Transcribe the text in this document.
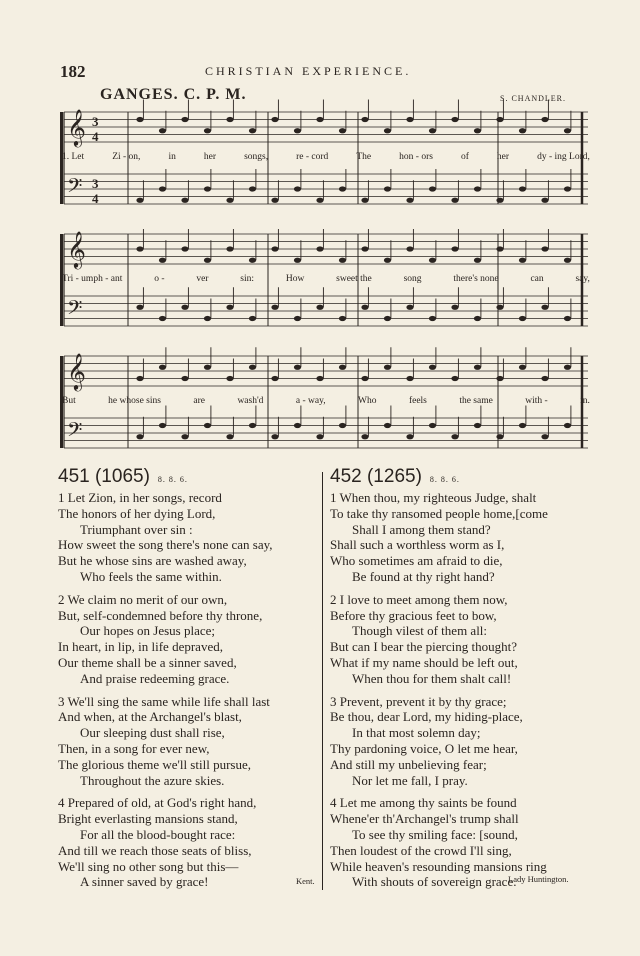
182	CHRISTIAN EXPERIENCE.
GANGES. C. P. M.	S. CHANDLER.
𝄞 3
4
𝄢 3
4
𝄞
𝄢
𝄞
𝄢
1. Let	Zi - on,	in	her	songs,	re - cord	The	hon - ors	of	her	dy - ing Lord,
Tri - umph - ant	o -	ver	sin:	How	sweet the	song	there's none	can	say,
But	he whose sins	are	wash'd	a - way,	Who	feels	the same	with -	in.
451 (1065) 8. 8. 6.
1 Let Zion, in her songs, record
The honors of her dying Lord,
Triumphant over sin :
How sweet the song there's none can say,
But he whose sins are washed away,
Who feels the same within.
2 We claim no merit of our own,
But, self-condemned before thy throne,
Our hopes on Jesus place;
In heart, in lip, in life depraved,
Our theme shall be a sinner saved,
And praise redeeming grace.
3 We'll sing the same while life shall last
And when, at the Archangel's blast,
Our sleeping dust shall rise,
Then, in a song for ever new,
The glorious theme we'll still pursue,
Throughout the azure skies.
4 Prepared of old, at God's right hand,
Bright everlasting mansions stand,
For all the blood-bought race:
And till we reach those seats of bliss,
We'll sing no other song but this—
A sinner saved by grace!
452 (1265) 8. 8. 6.
1 When thou, my righteous Judge, shalt
To take thy ransomed people home,[come
Shall I among them stand?
Shall such a worthless worm as I,
Who sometimes am afraid to die,
Be found at thy right hand?
2 I love to meet among them now,
Before thy gracious feet to bow,
Though vilest of them all:
But can I bear the piercing thought?
What if my name should be left out,
When thou for them shalt call!
3 Prevent, prevent it by thy grace;
Be thou, dear Lord, my hiding-place,
In that most solemn day;
Thy pardoning voice, O let me hear,
And still my unbelieving fear;
Nor let me fall, I pray.
4 Let me among thy saints be found
Whene'er th'Archangel's trump shall
To see thy smiling face: [sound,
Then loudest of the crowd I'll sing,
While heaven's resounding mansions ring
With shouts of sovereign grace.
Kent.	Lady Huntington.
